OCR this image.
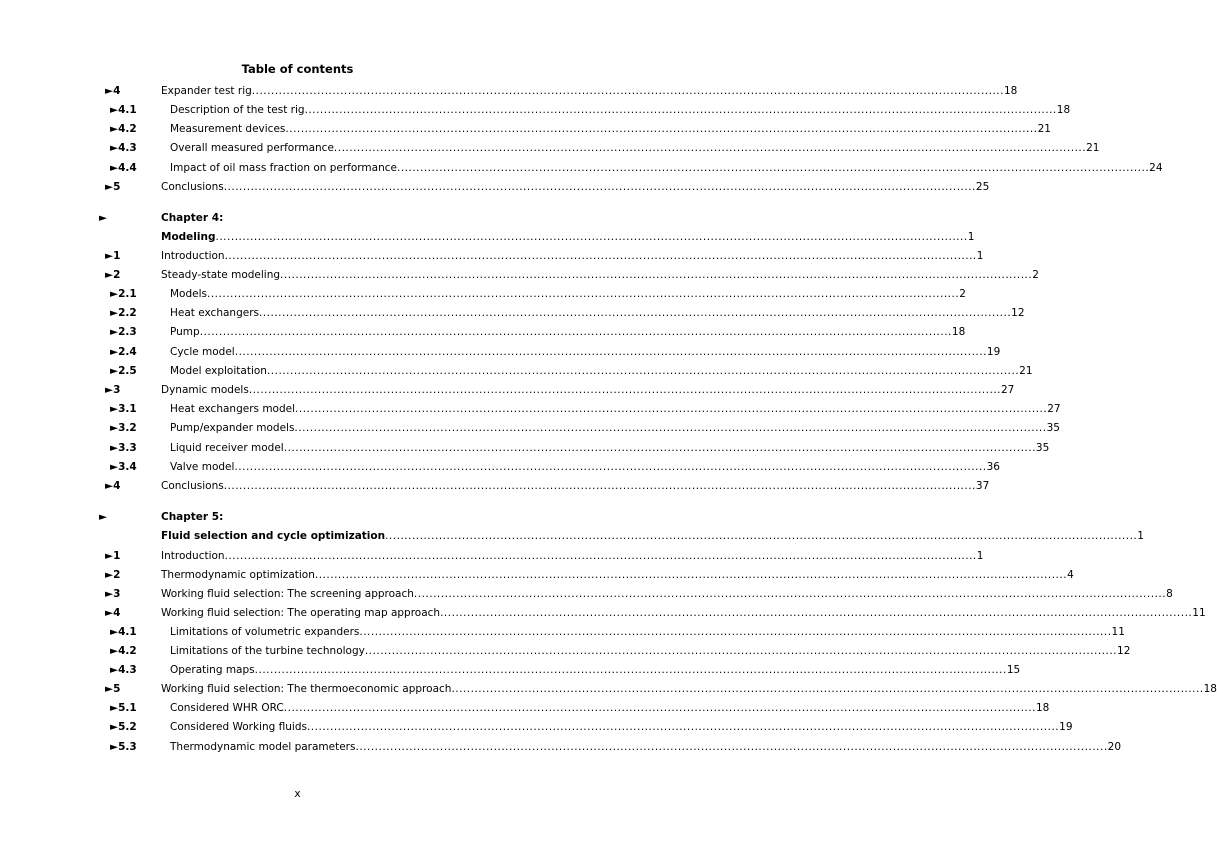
Table of contents
►4	Expander test rig .................................................................................................................................................................................................... 18
►4.1	Description of the test rig .................................................................................................................................................................................................... 18
►4.2	Measurement devices .................................................................................................................................................................................................... 21
►4.3	Overall measured performance .................................................................................................................................................................................................... 21
►4.4	Impact of oil mass fraction on performance .................................................................................................................................................................................................... 24
►5	Conclusions .................................................................................................................................................................................................... 25
►	Chapter 4:
Modeling .................................................................................................................................................................................................... 1
►1	Introduction .................................................................................................................................................................................................... 1
►2	Steady-state modeling .................................................................................................................................................................................................... 2
►2.1	Models .................................................................................................................................................................................................... 2
►2.2	Heat exchangers .................................................................................................................................................................................................... 12
►2.3	Pump .................................................................................................................................................................................................... 18
►2.4	Cycle model .................................................................................................................................................................................................... 19
►2.5	Model exploitation .................................................................................................................................................................................................... 21
►3	Dynamic models .................................................................................................................................................................................................... 27
►3.1	Heat exchangers model .................................................................................................................................................................................................... 27
►3.2	Pump/expander models .................................................................................................................................................................................................... 35
►3.3	Liquid receiver model .................................................................................................................................................................................................... 35
►3.4	Valve model .................................................................................................................................................................................................... 36
►4	Conclusions .................................................................................................................................................................................................... 37
►	Chapter 5:
Fluid selection and cycle optimization .................................................................................................................................................................................................... 1
►1	Introduction .................................................................................................................................................................................................... 1
►2	Thermodynamic optimization .................................................................................................................................................................................................... 4
►3	Working fluid selection: The screening approach .................................................................................................................................................................................................... 8
►4	Working fluid selection: The operating map approach .................................................................................................................................................................................................... 11
►4.1	Limitations of volumetric expanders .................................................................................................................................................................................................... 11
►4.2	Limitations of the turbine technology .................................................................................................................................................................................................... 12
►4.3	Operating maps .................................................................................................................................................................................................... 15
►5	Working fluid selection: The thermoeconomic approach .................................................................................................................................................................................................... 18
►5.1	Considered WHR ORC .................................................................................................................................................................................................... 18
►5.2	Considered Working fluids .................................................................................................................................................................................................... 19
►5.3	Thermodynamic model parameters .................................................................................................................................................................................................... 20
x
